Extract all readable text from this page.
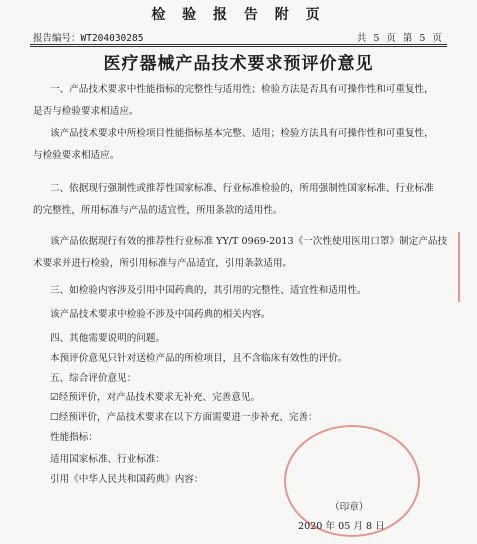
检 验 报 告 附 页
报告编号：WT204030285	共 5 页 第 5 页
医疗器械产品技术要求预评价意见
一、产品技术要求中性能指标的完整性与适用性；检验方法是否具有可操作性和可重复性，
是否与检验要求相适应。
该产品技术要求中所检项目性能指标基本完整、适用；检验方法具有可操作性和可重复性，
与检验要求相适应。
二、依据现行强制性或推荐性国家标准、行业标准检验的，所用强制性国家标准、行业标准
的完整性，所用标准与产品的适宜性，所用条款的适用性。
该产品依据现行有效的推荐性行业标准 YY/T 0969-2013《一次性使用医用口罩》制定产品技
术要求并进行检验，所引用标准与产品适宜，引用条款适用。
三、如检验内容涉及引用中国药典的，其引用的完整性、适宜性和适用性。
该产品技术要求中检验不涉及中国药典的相关内容。
四、其他需要说明的问题。
本预评价意见只针对送检产品的所检项目，且不含临床有效性的评价。
五、综合评价意见：
☑经预评价，对产品技术要求无补充、完善意见。
☐经预评价，产品技术要求在以下方面需要进一步补充、完善：
性能指标：
适用国家标准、行业标准：
引用《中华人民共和国药典》内容：
（印章）
2020 年 05 月 8 日
